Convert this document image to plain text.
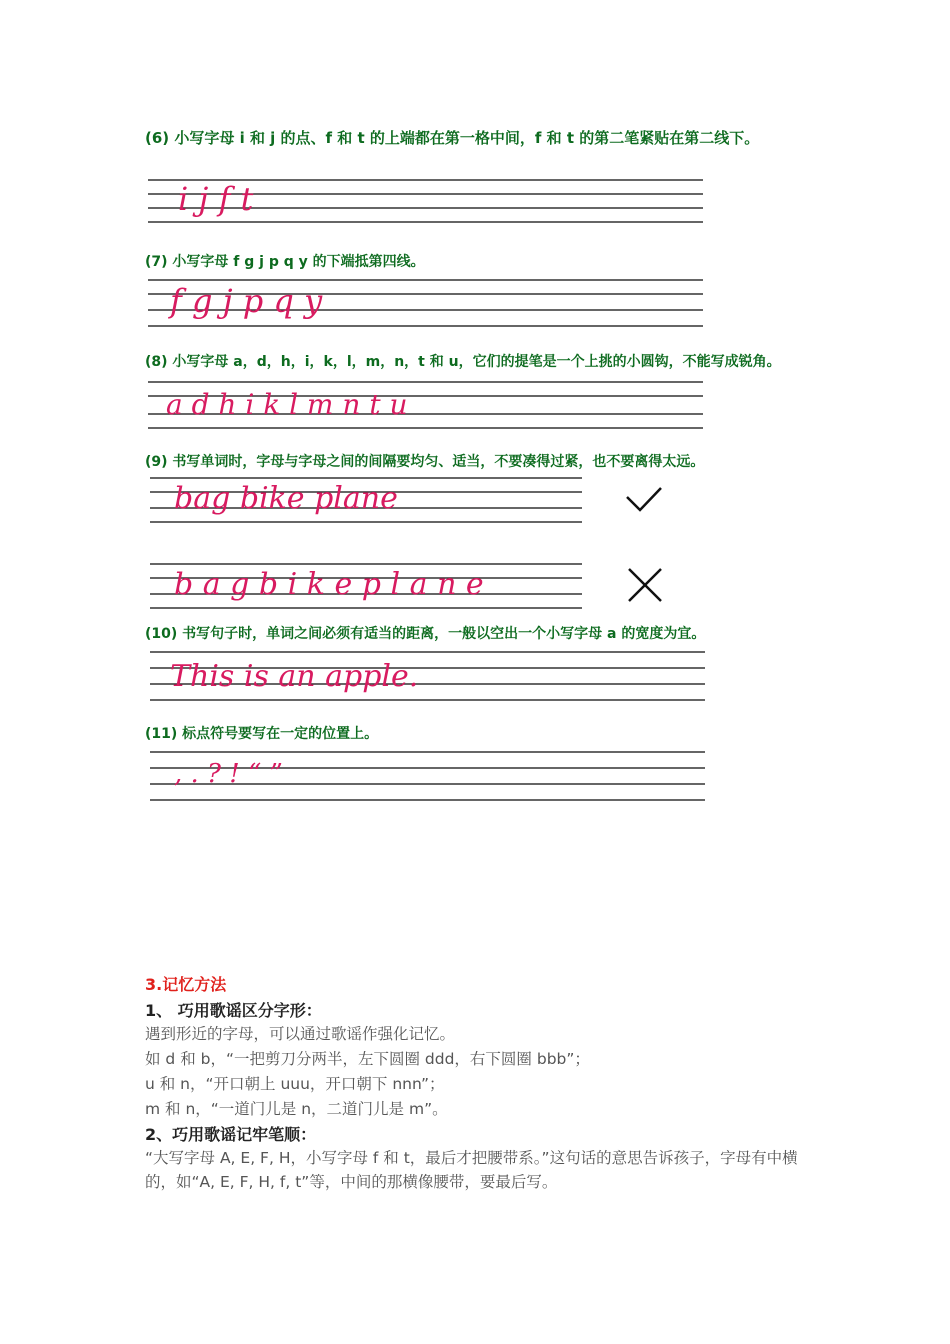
(6) 小写字母 i 和 j 的点、f 和 t 的上端都在第一格中间，f 和 t 的第二笔紧贴在第二线下。
i j f t
(7) 小写字母 f g j p q y 的下端抵第四线。
f g j p q y
(8) 小写字母 a，d，h，i，k，l，m，n，t 和 u，它们的提笔是一个上挑的小圆钩，不能写成锐角。
a d h i k l m n t u
(9) 书写单词时，字母与字母之间的间隔要均匀、适当，不要凑得过紧，也不要离得太远。
bag bike plane
b a g b i k e p l a n e
(10) 书写句子时，单词之间必须有适当的距离，一般以空出一个小写字母 a 的宽度为宜。
This is an apple.
(11) 标点符号要写在一定的位置上。
, . ? ! “ ”
3.记忆方法
1、 巧用歌谣区分字形：
遇到形近的字母，可以通过歌谣作强化记忆。
如 d 和 b，“一把剪刀分两半，左下圆圈 ddd，右下圆圈 bbb”；
u 和 n，“开口朝上 uuu，开口朝下 nnn”；
m 和 n，“一道门儿是 n，二道门儿是 m”。
2、巧用歌谣记牢笔顺：
“大写字母 A, E, F, H，小写字母 f 和 t，最后才把腰带系。”这句话的意思告诉孩子，字母有中横的，如“A, E, F, H, f, t”等，中间的那横像腰带，要最后写。
